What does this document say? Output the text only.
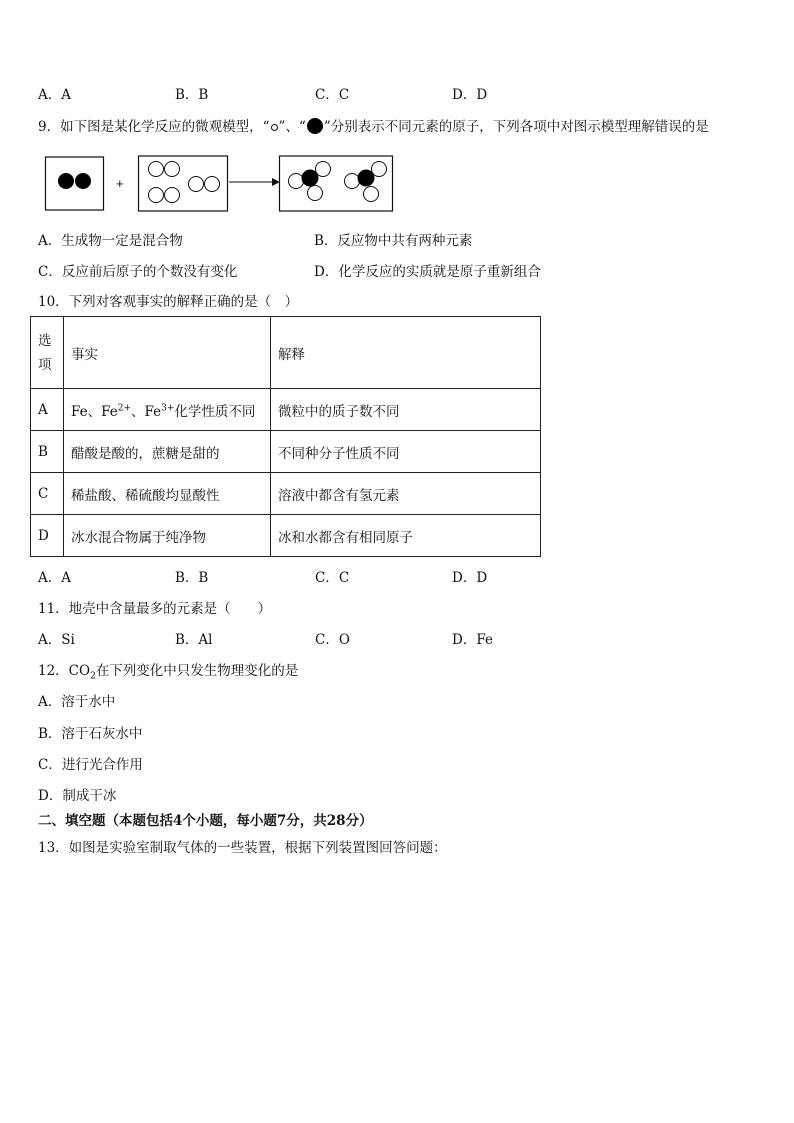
A．A	B．B	C．C	D．D
9．如下图是某化学反应的微观模型，“ ”、“ ”分别表示不同元素的原子，下列各项中对图示模型理解错误的是
+
A．生成物一定是混合物	B．反应物中共有两种元素
C．反应前后原子的个数没有变化	D．化学反应的实质就是原子重新组合
10．下列对客观事实的解释正确的是（　）
选
项	事实	解释
A	Fe、$Fe^{2+}$、$Fe^{3+}$化学性质不同	微粒中的质子数不同
B	醋酸是酸的，蔗糖是甜的	不同种分子性质不同
C	稀盐酸、稀硫酸均显酸性	溶液中都含有氢元素
D	冰水混合物属于纯净物	冰和水都含有相同原子
A．A	B．B	C．C	D．D
11．地壳中含量最多的元素是（　　）
A．Si	B．Al	C．O	D．Fe
12．$CO_2$在下列变化中只发生物理变化的是
A．溶于水中
B．溶于石灰水中
C．进行光合作用
D．制成干冰
二、填空题（本题包括4个小题，每小题7分，共28分）
13．如图是实验室制取气体的一些装置，根据下列装置图回答问题：
